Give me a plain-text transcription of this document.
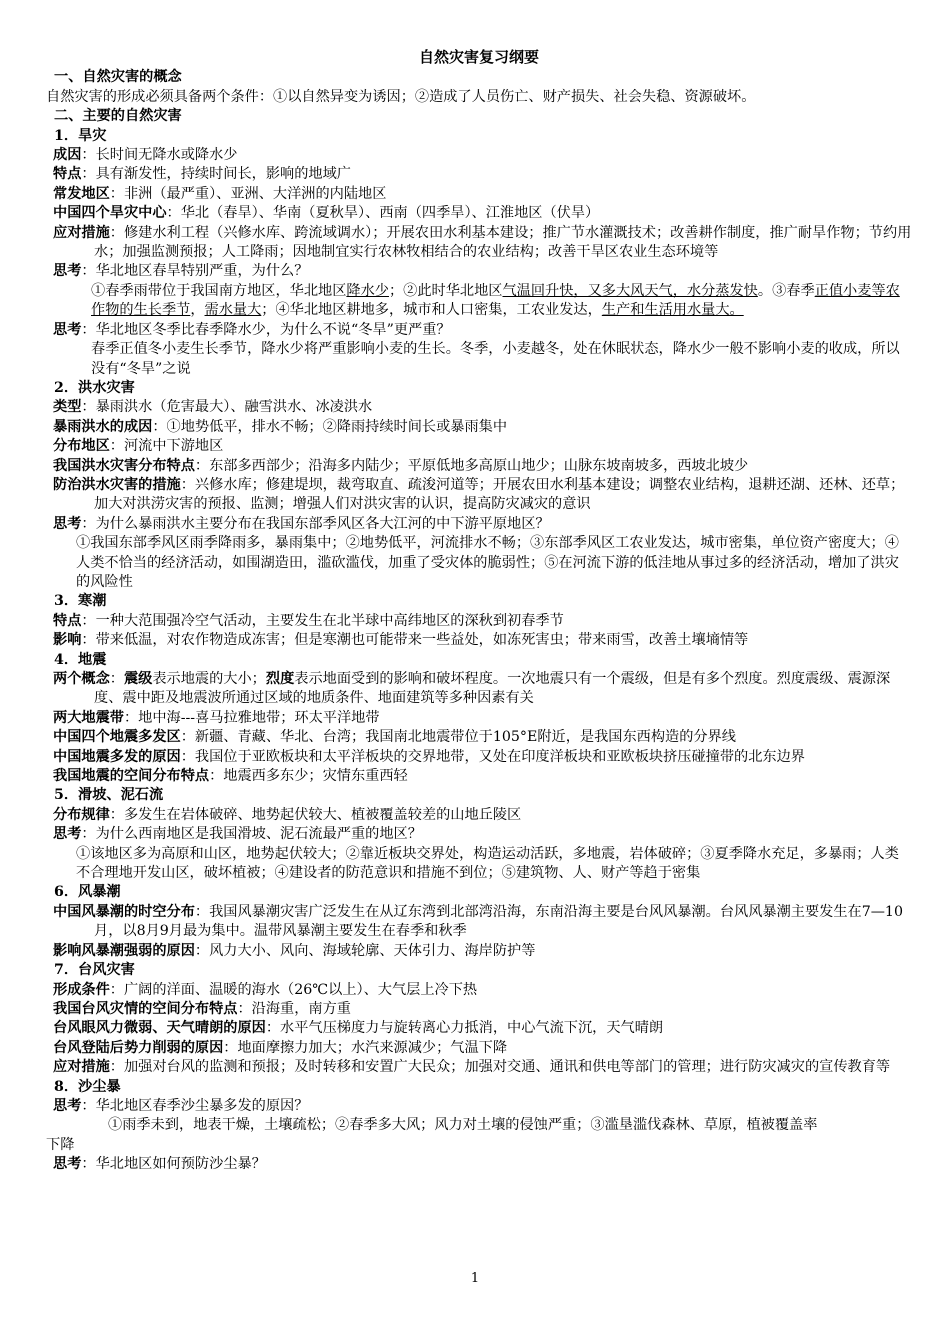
自然灾害复习纲要
一、自然灾害的概念
自然灾害的形成必须具备两个条件：①以自然异变为诱因；②造成了人员伤亡、财产损失、社会失稳、资源破坏。
二、主要的自然灾害
1．旱灾
成因：长时间无降水或降水少
特点：具有渐发性，持续时间长，影响的地域广
常发地区：非洲（最严重）、亚洲、大洋洲的内陆地区
中国四个旱灾中心：华北（春旱）、华南（夏秋旱）、西南（四季旱）、江淮地区（伏旱）
应对措施：修建水利工程（兴修水库、跨流域调水）；开展农田水利基本建设；推广节水灌溉技术；改善耕作制度，推广耐旱作物；节约用水；加强监测预报；人工降雨；因地制宜实行农林牧相结合的农业结构；改善干旱区农业生态环境等
思考：华北地区春旱特别严重，为什么？
①春季雨带位于我国南方地区，华北地区降水少；②此时华北地区气温回升快，又多大风天气，水分蒸发快。③春季正值小麦等农作物的生长季节，需水量大；④华北地区耕地多，城市和人口密集，工农业发达，生产和生活用水量大。
思考：华北地区冬季比春季降水少，为什么不说“冬旱”更严重？
春季正值冬小麦生长季节，降水少将严重影响小麦的生长。冬季，小麦越冬，处在休眠状态，降水少一般不影响小麦的收成，所以没有“冬旱”之说
2．洪水灾害
类型：暴雨洪水（危害最大）、融雪洪水、冰凌洪水
暴雨洪水的成因：①地势低平，排水不畅；②降雨持续时间长或暴雨集中
分布地区：河流中下游地区
我国洪水灾害分布特点：东部多西部少；沿海多内陆少；平原低地多高原山地少；山脉东坡南坡多，西坡北坡少
防治洪水灾害的措施：兴修水库；修建堤坝，裁弯取直、疏浚河道等；开展农田水利基本建设；调整农业结构，退耕还湖、还林、还草；加大对洪涝灾害的预报、监测；增强人们对洪灾害的认识，提高防灾减灾的意识
思考：为什么暴雨洪水主要分布在我国东部季风区各大江河的中下游平原地区？
①我国东部季风区雨季降雨多，暴雨集中；②地势低平，河流排水不畅；③东部季风区工农业发达，城市密集，单位资产密度大；④人类不恰当的经济活动，如围湖造田，滥砍滥伐，加重了受灾体的脆弱性；⑤在河流下游的低洼地从事过多的经济活动，增加了洪灾的风险性
3．寒潮
特点：一种大范围强冷空气活动，主要发生在北半球中高纬地区的深秋到初春季节
影响：带来低温，对农作物造成冻害；但是寒潮也可能带来一些益处，如冻死害虫；带来雨雪，改善土壤墒情等
4．地震
两个概念：震级表示地震的大小；烈度表示地面受到的影响和破坏程度。一次地震只有一个震级，但是有多个烈度。烈度震级、震源深度、震中距及地震波所通过区域的地质条件、地面建筑等多种因素有关
两大地震带：地中海---喜马拉雅地带；环太平洋地带
中国四个地震多发区：新疆、青藏、华北、台湾；我国南北地震带位于105°E附近，是我国东西构造的分界线
中国地震多发的原因：我国位于亚欧板块和太平洋板块的交界地带，又处在印度洋板块和亚欧板块挤压碰撞带的北东边界
我国地震的空间分布特点：地震西多东少；灾情东重西轻
5．滑坡、泥石流
分布规律：多发生在岩体破碎、地势起伏较大、植被覆盖较差的山地丘陵区
思考：为什么西南地区是我国滑坡、泥石流最严重的地区？
①该地区多为高原和山区，地势起伏较大；②靠近板块交界处，构造运动活跃，多地震，岩体破碎；③夏季降水充足，多暴雨；人类不合理地开发山区，破坏植被；④建设者的防范意识和措施不到位；⑤建筑物、人、财产等趋于密集
6．风暴潮
中国风暴潮的时空分布：我国风暴潮灾害广泛发生在从辽东湾到北部湾沿海，东南沿海主要是台风风暴潮。台风风暴潮主要发生在7—10月，以8月9月最为集中。温带风暴潮主要发生在春季和秋季
影响风暴潮强弱的原因：风力大小、风向、海域轮廓、天体引力、海岸防护等
7．台风灾害
形成条件：广阔的洋面、温暖的海水（26℃以上）、大气层上冷下热
我国台风灾情的空间分布特点：沿海重，南方重
台风眼风力微弱、天气晴朗的原因：水平气压梯度力与旋转离心力抵消，中心气流下沉，天气晴朗
台风登陆后势力削弱的原因：地面摩擦力加大；水汽来源减少；气温下降
应对措施：加强对台风的监测和预报；及时转移和安置广大民众；加强对交通、通讯和供电等部门的管理；进行防灾减灾的宣传教育等
8．沙尘暴
思考：华北地区春季沙尘暴多发的原因？
①雨季未到，地表干燥，土壤疏松；②春季多大风；风力对土壤的侵蚀严重；③滥垦滥伐森林、草原，植被覆盖率
下降
思考：华北地区如何预防沙尘暴？
1
